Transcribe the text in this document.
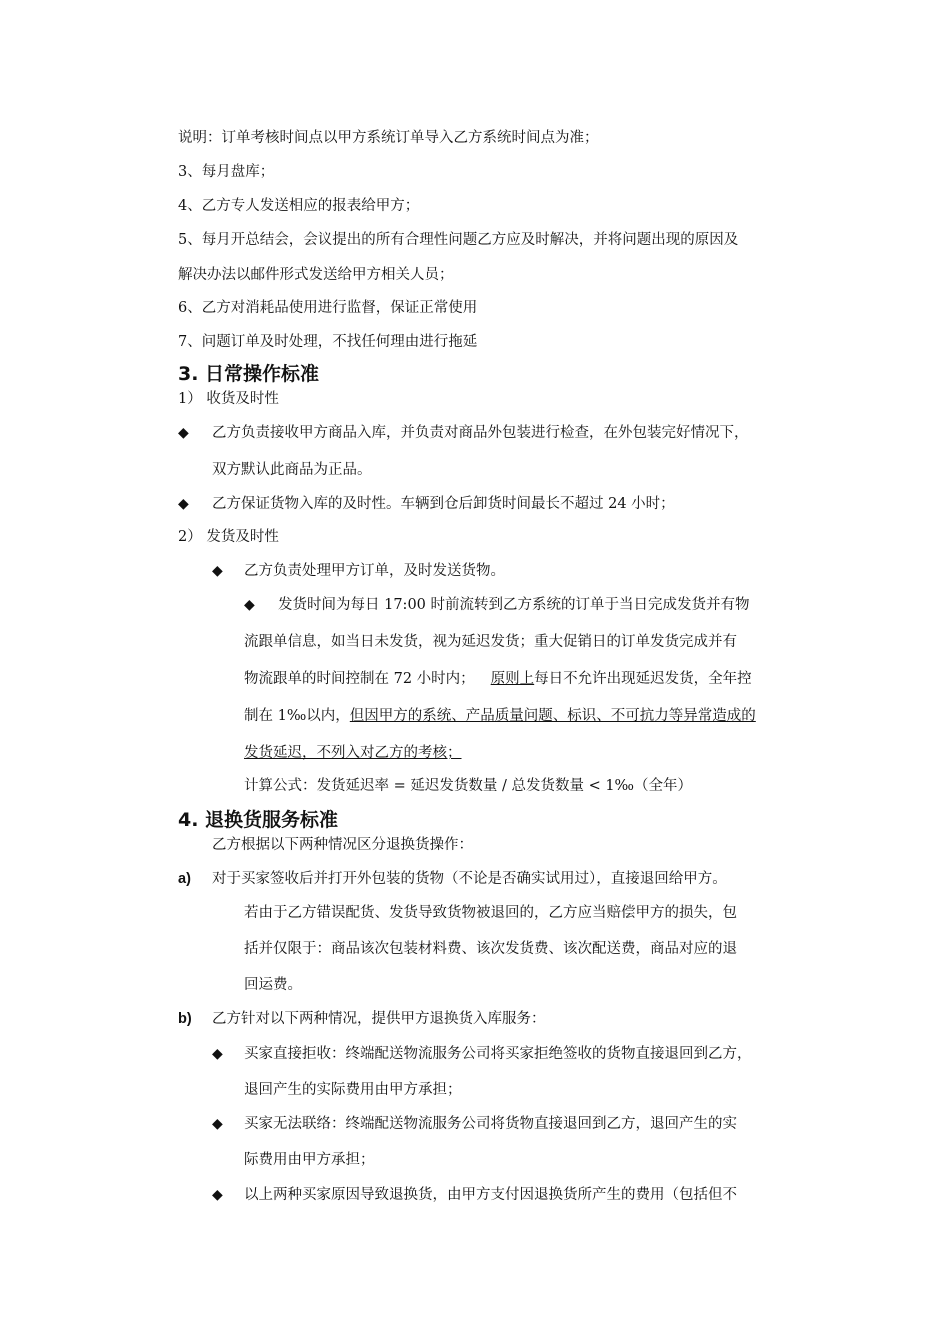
说明：订单考核时间点以甲方系统订单导入乙方系统时间点为准；
3、每月盘库；
4、乙方专人发送相应的报表给甲方；
5、每月开总结会，会议提出的所有合理性问题乙方应及时解决，并将问题出现的原因及
解决办法以邮件形式发送给甲方相关人员；
6、乙方对消耗品使用进行监督，保证正常使用
7、问题订单及时处理，不找任何理由进行拖延
3. 日常操作标准
1） 收货及时性
◆ 乙方负责接收甲方商品入库，并负责对商品外包装进行检查，在外包装完好情况下，
双方默认此商品为正品。
◆ 乙方保证货物入库的及时性。车辆到仓后卸货时间最长不超过 24 小时；
2） 发货及时性
◆ 乙方负责处理甲方订单，及时发送货物。
◆ 发货时间为每日 17:00 时前流转到乙方系统的订单于当日完成发货并有物
流跟单信息，如当日未发货，视为延迟发货；重大促销日的订单发货完成并有
物流跟单的时间控制在 72 小时内； 原则上每日不允许出现延迟发货，全年控
制在 1‰以内，但因甲方的系统、产品质量问题、标识、不可抗力等异常造成的
发货延迟，不列入对乙方的考核；
计算公式：发货延迟率 = 延迟发货数量 / 总发货数量 < 1‰（全年）
4. 退换货服务标准
乙方根据以下两种情况区分退换货操作：
a) 对于买家签收后并打开外包装的货物（不论是否确实试用过），直接退回给甲方。
若由于乙方错误配货、发货导致货物被退回的，乙方应当赔偿甲方的损失，包
括并仅限于：商品该次包装材料费、该次发货费、该次配送费，商品对应的退
回运费。
b) 乙方针对以下两种情况，提供甲方退换货入库服务：
◆ 买家直接拒收：终端配送物流服务公司将买家拒绝签收的货物直接退回到乙方，
退回产生的实际费用由甲方承担；
◆ 买家无法联络：终端配送物流服务公司将货物直接退回到乙方，退回产生的实
际费用由甲方承担；
◆ 以上两种买家原因导致退换货，由甲方支付因退换货所产生的费用（包括但不
